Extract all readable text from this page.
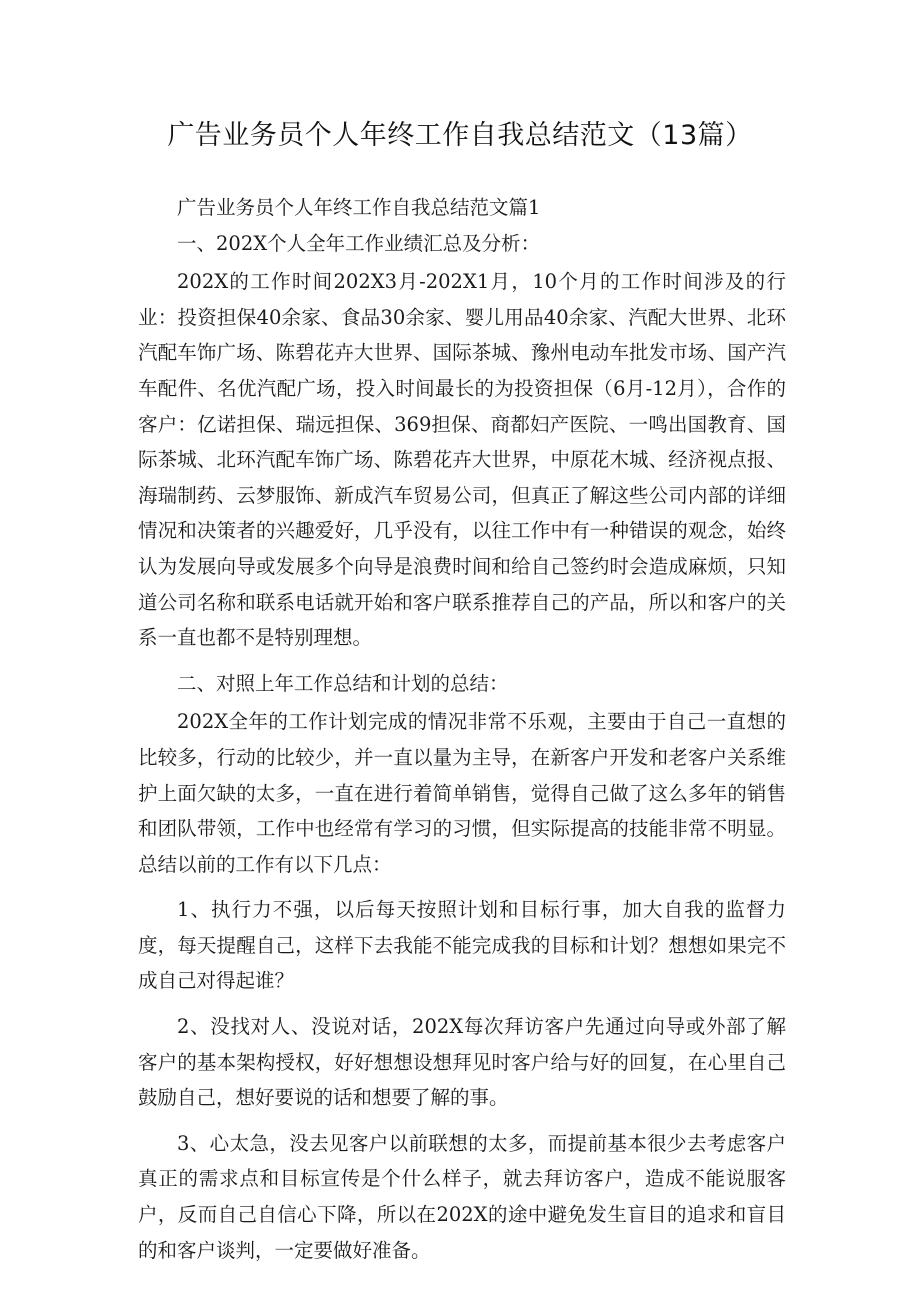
广告业务员个人年终工作自我总结范文（13篇）

广告业务员个人年终工作自我总结范文篇1

一、202X个人全年工作业绩汇总及分析：

202X的工作时间202X3月-202X1月，10个月的工作时间涉及的行业：投资担保40余家、食品30余家、婴儿用品40余家、汽配大世界、北环汽配车饰广场、陈碧花卉大世界、国际茶城、豫州电动车批发市场、国产汽车配件、名优汽配广场，投入时间最长的为投资担保（6月-12月），合作的客户：亿诺担保、瑞远担保、369担保、商都妇产医院、一鸣出国教育、国际茶城、北环汽配车饰广场、陈碧花卉大世界，中原花木城、经济视点报、海瑞制药、云梦服饰、新成汽车贸易公司，但真正了解这些公司内部的详细情况和决策者的兴趣爱好，几乎没有，以往工作中有一种错误的观念，始终认为发展向导或发展多个向导是浪费时间和给自己签约时会造成麻烦，只知道公司名称和联系电话就开始和客户联系推荐自己的产品，所以和客户的关系一直也都不是特别理想。

二、对照上年工作总结和计划的总结：

202X全年的工作计划完成的情况非常不乐观，主要由于自己一直想的比较多，行动的比较少，并一直以量为主导，在新客户开发和老客户关系维护上面欠缺的太多，一直在进行着简单销售，觉得自己做了这么多年的销售和团队带领，工作中也经常有学习的习惯，但实际提高的技能非常不明显。总结以前的工作有以下几点：

1、执行力不强，以后每天按照计划和目标行事，加大自我的监督力度，每天提醒自己，这样下去我能不能完成我的目标和计划？想想如果完不成自己对得起谁？

2、没找对人、没说对话，202X每次拜访客户先通过向导或外部了解客户的基本架构授权，好好想想设想拜见时客户给与好的回复，在心里自己鼓励自己，想好要说的话和想要了解的事。

3、心太急，没去见客户以前联想的太多，而提前基本很少去考虑客户真正的需求点和目标宣传是个什么样子，就去拜访客户，造成不能说服客户，反而自己自信心下降，所以在202X的途中避免发生盲目的追求和盲目的和客户谈判，一定要做好准备。
